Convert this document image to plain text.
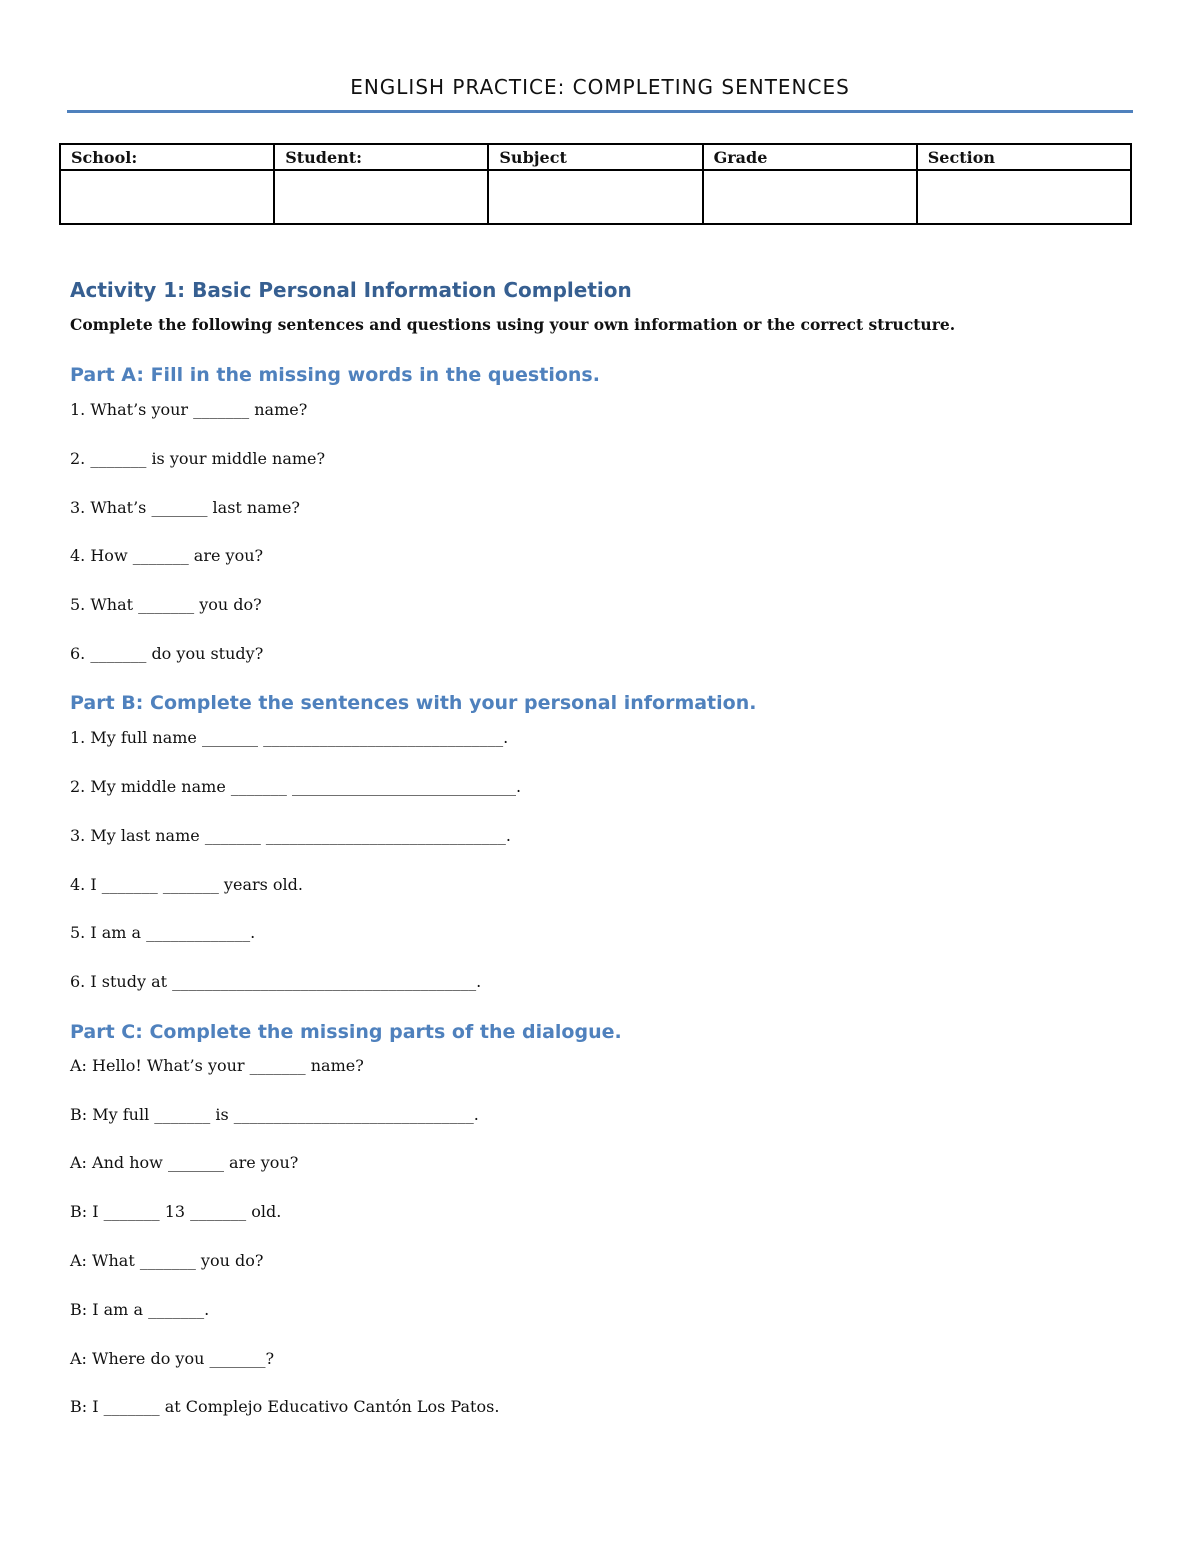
ENGLISH PRACTICE: COMPLETING SENTENCES
School:	Student:	Subject	Grade	Section

Activity 1: Basic Personal Information Completion
Complete the following sentences and questions using your own information or the correct structure.
Part A: Fill in the missing words in the questions.
1. What’s your _______ name?
2. _______ is your middle name?
3. What’s _______ last name?
4. How _______ are you?
5. What _______ you do?
6. _______ do you study?
Part B: Complete the sentences with your personal information.
1. My full name _______ ______________________________.
2. My middle name _______ ____________________________.
3. My last name _______ ______________________________.
4. I _______ _______ years old.
5. I am a _____________.
6. I study at ______________________________________.
Part C: Complete the missing parts of the dialogue.
A: Hello! What’s your _______ name?
B: My full _______ is ______________________________.
A: And how _______ are you?
B: I _______ 13 _______ old.
A: What _______ you do?
B: I am a _______.
A: Where do you _______?
B: I _______ at Complejo Educativo Cantón Los Patos.
